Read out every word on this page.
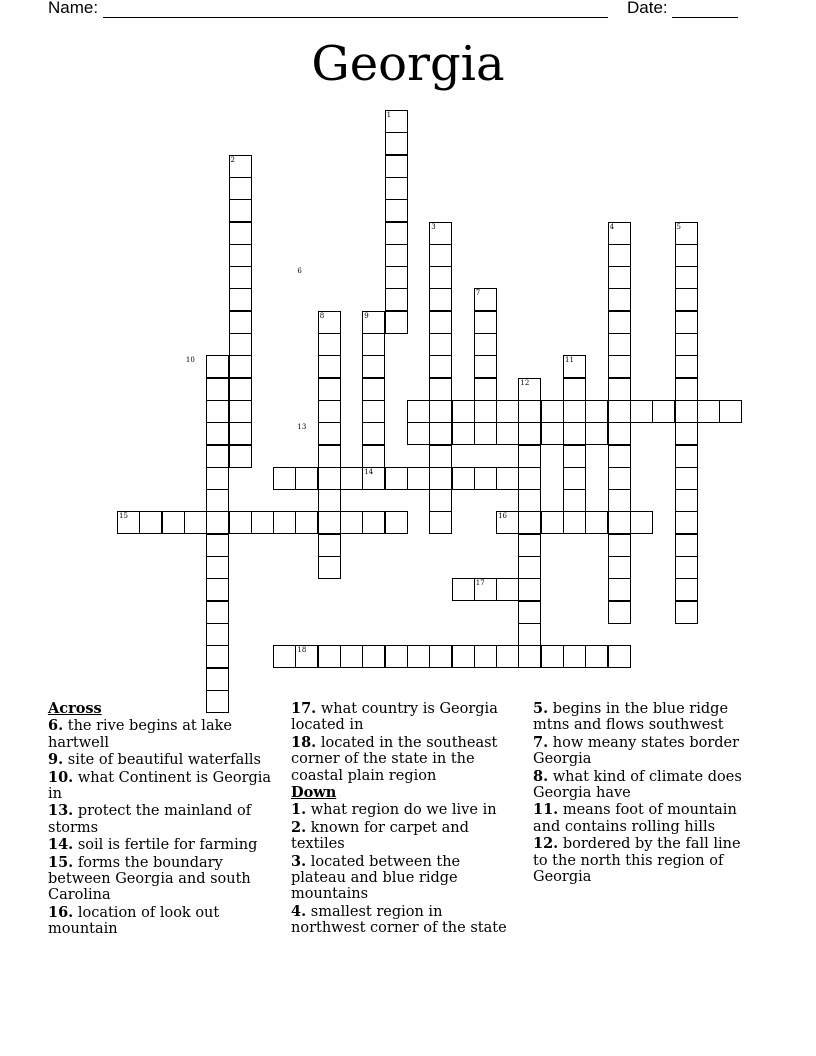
Name:	Date:
Georgia
1
2
3	4	5
6
7
8	9
10	11
12
13
14
15	16
17
18
Across
6. the rive begins at lake hartwell
9. site of beautiful waterfalls
10. what Continent is Georgia in
13. protect the mainland of storms
14. soil is fertile for farming
15. forms the boundary between Georgia and south Carolina
16. location of look out mountain
17. what country is Georgia located in
18. located in the southeast corner of the state in the coastal plain region
Down
1. what region do we live in
2. known for carpet and textiles
3. located between the plateau and blue ridge mountains
4. smallest region in northwest corner of the state
5. begins in the blue ridge mtns and flows southwest
7. how meany states border Georgia
8. what kind of climate does Georgia have
11. means foot of mountain and contains rolling hills
12. bordered by the fall line to the north this region of Georgia
